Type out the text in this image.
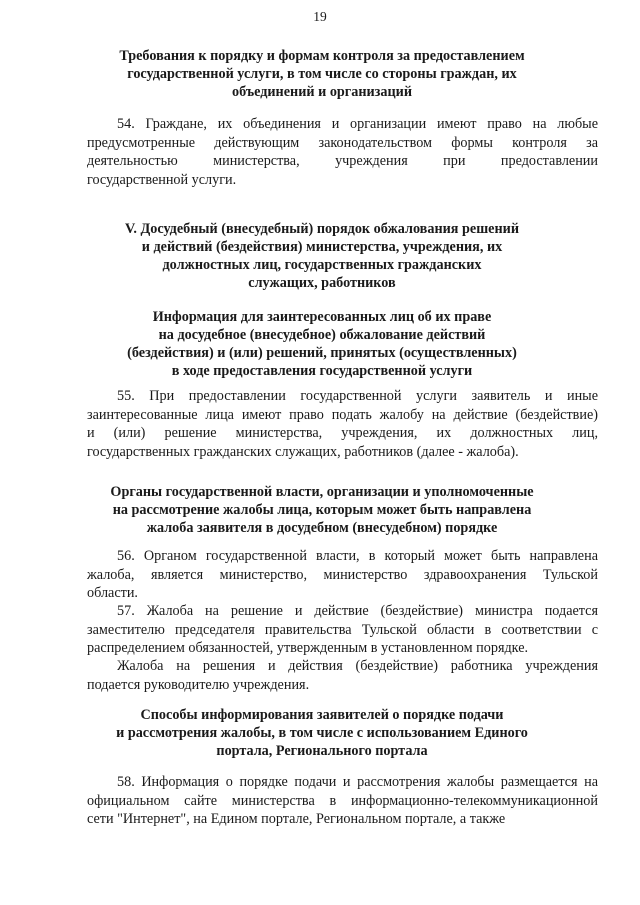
19
Требования к порядку и формам контроля за предоставлением
государственной услуги, в том числе со стороны граждан, их
объединений и организаций
54. Граждане, их объединения и организации имеют право на любые
предусмотренные действующим законодательством формы контроля за
деятельностью министерства, учреждения при предоставлении
государственной услуги.
V. Досудебный (внесудебный) порядок обжалования решений
и действий (бездействия) министерства, учреждения, их
должностных лиц, государственных гражданских
служащих, работников
Информация для заинтересованных лиц об их праве
на досудебное (внесудебное) обжалование действий
(бездействия) и (или) решений, принятых (осуществленных)
в ходе предоставления государственной услуги
55. При предоставлении государственной услуги заявитель и иные
заинтересованные лица имеют право подать жалобу на действие (бездействие)
и (или) решение министерства, учреждения, их должностных лиц,
государственных гражданских служащих, работников (далее - жалоба).
Органы государственной власти, организации и уполномоченные
на рассмотрение жалобы лица, которым может быть направлена
жалоба заявителя в досудебном (внесудебном) порядке
56. Органом государственной власти, в который может быть направлена
жалоба, является министерство, министерство здравоохранения Тульской
области.
57. Жалоба на решение и действие (бездействие) министра подается
заместителю председателя правительства Тульской области в соответствии с
распределением обязанностей, утвержденным в установленном порядке.
Жалоба на решения и действия (бездействие) работника учреждения
подается руководителю учреждения.
Способы информирования заявителей о порядке подачи
и рассмотрения жалобы, в том числе с использованием Единого
портала, Регионального портала
58. Информация о порядке подачи и рассмотрения жалобы размещается на
официальном сайте министерства в информационно-телекоммуникационной
сети "Интернет", на Едином портале, Региональном портале, а также
